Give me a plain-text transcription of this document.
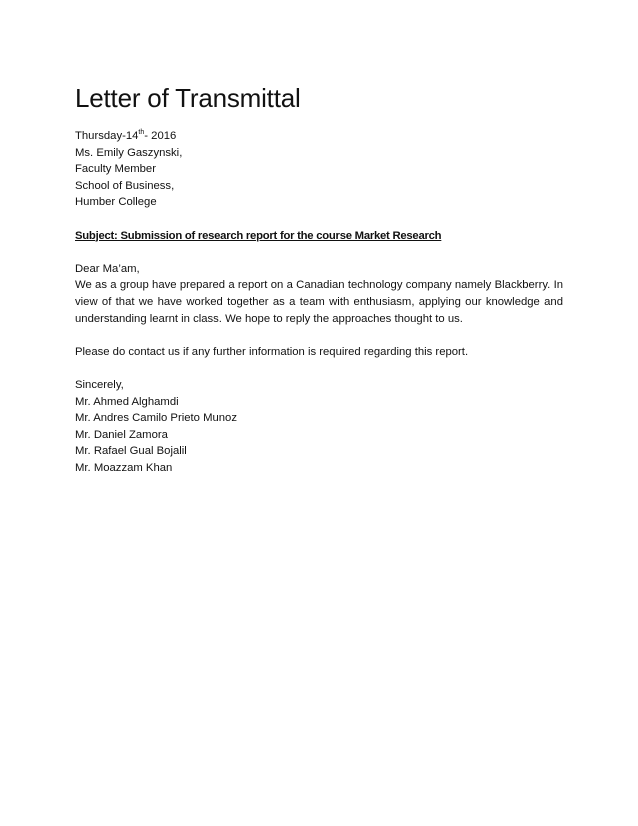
Letter of Transmittal

Thursday-14th- 2016

Ms. Emily Gaszynski,

Faculty Member

School of Business,

Humber College

Subject: Submission of research report for the course Market Research

Dear Ma’am,

We as a group have prepared a report on a Canadian technology company namely Blackberry. In view of that we have worked together as a team with enthusiasm, applying our knowledge and understanding learnt in class. We hope to reply the approaches thought to us.

Please do contact us if any further information is required regarding this report.

Sincerely,

Mr. Ahmed Alghamdi

Mr. Andres Camilo Prieto Munoz

Mr. Daniel Zamora

Mr. Rafael Gual Bojalil

Mr. Moazzam Khan
